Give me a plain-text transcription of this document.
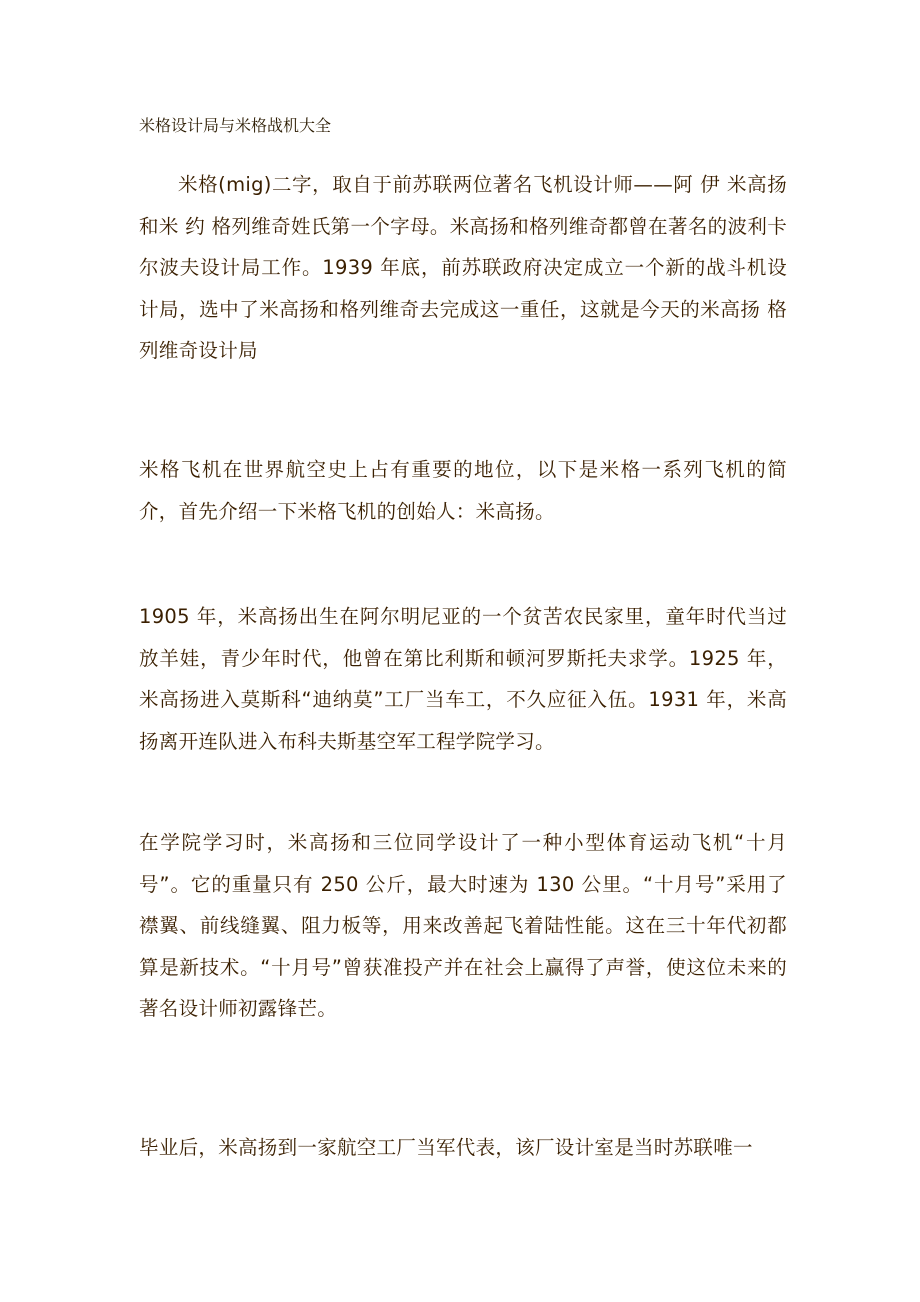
米格设计局与米格战机大全

米格(mig)二字，取自于前苏联两位著名飞机设计师——阿 伊 米高扬和米 约 格列维奇姓氏第一个字母。米高扬和格列维奇都曾在著名的波利卡尔波夫设计局工作。1939 年底，前苏联政府决定成立一个新的战斗机设计局，选中了米高扬和格列维奇去完成这一重任，这就是今天的米高扬 格列维奇设计局

米格飞机在世界航空史上占有重要的地位，以下是米格一系列飞机的简介，首先介绍一下米格飞机的创始人：米高扬。

1905 年，米高扬出生在阿尔明尼亚的一个贫苦农民家里，童年时代当过放羊娃，青少年时代，他曾在第比利斯和顿河罗斯托夫求学。1925 年，米高扬进入莫斯科“迪纳莫”工厂当车工，不久应征入伍。1931 年，米高扬离开连队进入布科夫斯基空军工程学院学习。

在学院学习时，米高扬和三位同学设计了一种小型体育运动飞机“十月号”。它的重量只有 250 公斤，最大时速为 130 公里。“十月号”采用了襟翼、前线缝翼、阻力板等，用来改善起飞着陆性能。这在三十年代初都算是新技术。“十月号”曾获准投产并在社会上赢得了声誉，使这位未来的著名设计师初露锋芒。

毕业后，米高扬到一家航空工厂当军代表，该厂设计室是当时苏联唯一
